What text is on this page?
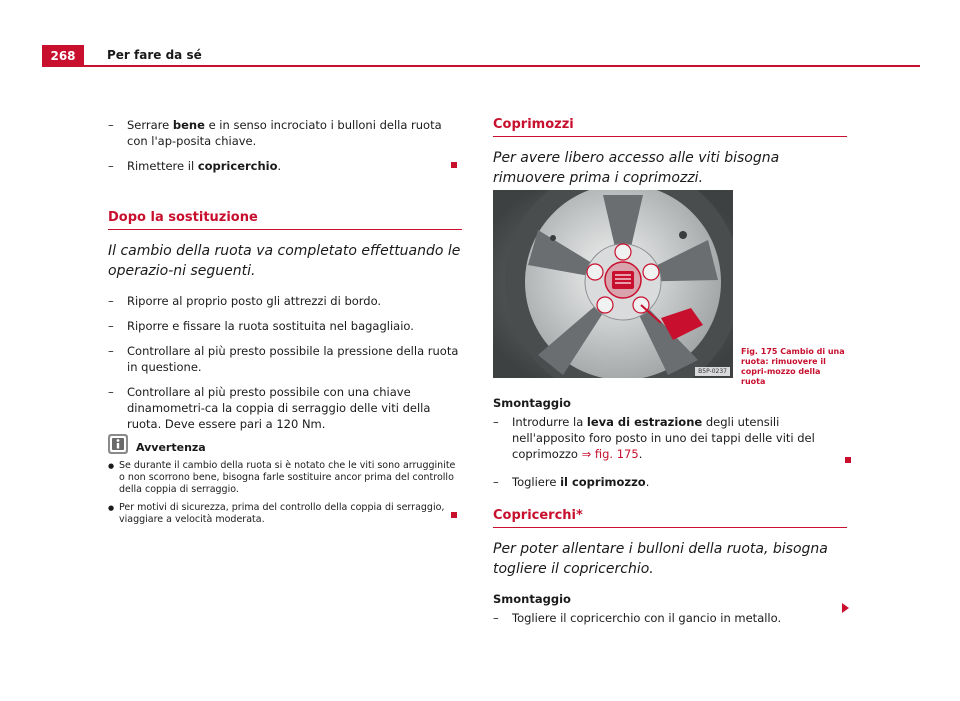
268	Per fare da sé

– Serrare bene e in senso incrociato i bulloni della ruota con l'ap-posita chiave.

– Rimettere il copricerchio.

Dopo la sostituzione
Il cambio della ruota va completato effettuando le operazio-ni seguenti.

– Riporre al proprio posto gli attrezzi di bordo.

– Riporre e fissare la ruota sostituita nel bagagliaio.

– Controllare al più presto possibile la pressione della ruota in questione.

– Controllare al più presto possibile con una chiave dinamometri-ca la coppia di serraggio delle viti della ruota. Deve essere pari a 120 Nm.

Avvertenza

● Se durante il cambio della ruota si è notato che le viti sono arrugginite o non scorrono bene, bisogna farle sostituire ancor prima del controllo della coppia di serraggio.

● Per motivi di sicurezza, prima del controllo della coppia di serraggio, viaggiare a velocità moderata.

Coprimozzi
Per avere libero accesso alle viti bisogna rimuovere prima i coprimozzi.
B5P-0237
Fig. 175 Cambio di una ruota: rimuovere il copri-mozzo della ruota
Smontaggio

– Introdurre la leva di estrazione degli utensili nell'apposito foro posto in uno dei tappi delle viti del coprimozzo ⇒ fig. 175.

– Togliere il coprimozzo.

Copricerchi*
Per poter allentare i bulloni della ruota, bisogna togliere il copricerchio.
Smontaggio

– Togliere il copricerchio con il gancio in metallo.
